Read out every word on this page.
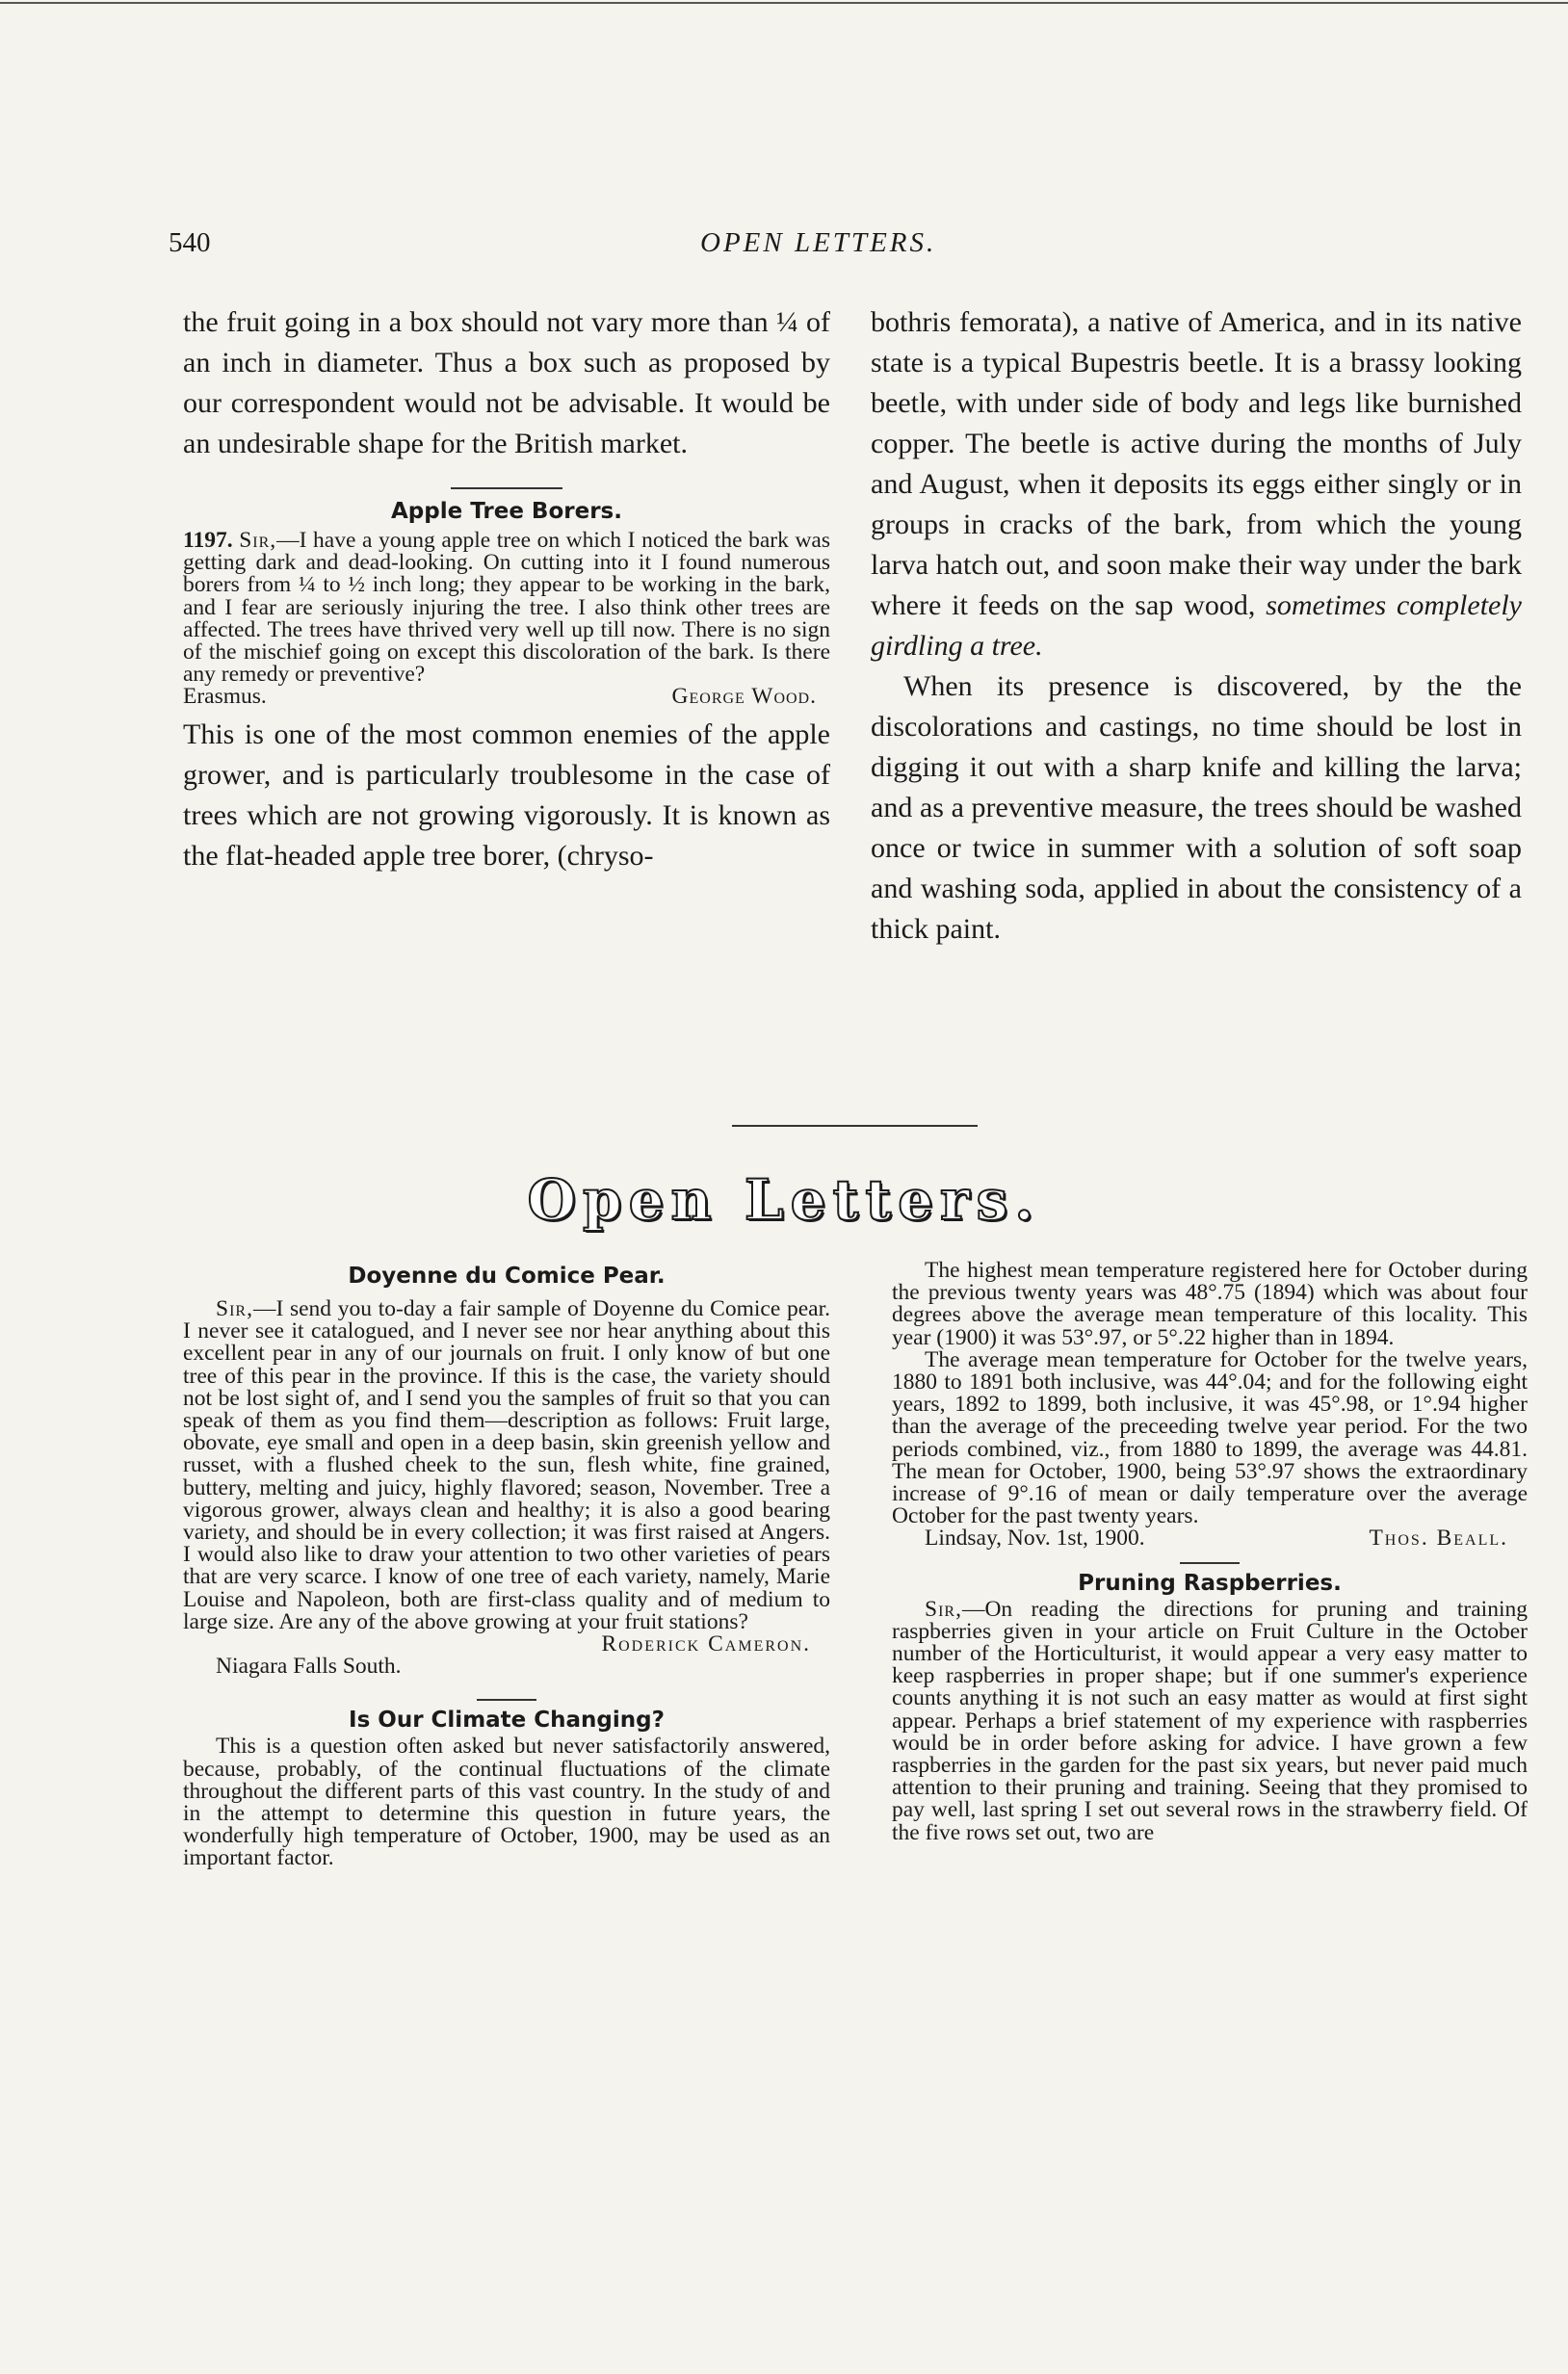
540	OPEN LETTERS.

the fruit going in a box should not vary more than ¼ of an inch in diameter. Thus a box such as proposed by our correspondent would not be advisable. It would be an undesirable shape for the British market.

Apple Tree Borers.

1197. Sir,—I have a young apple tree on which I noticed the bark was getting dark and dead-looking. On cutting into it I found numerous borers from ¼ to ½ inch long; they appear to be working in the bark, and I fear are seriously injuring the tree. I also think other trees are affected. The trees have thrived very well up till now. There is no sign of the mischief going on except this discoloration of the bark. Is there any remedy or preventive?

Erasmus.	George Wood.

This is one of the most common enemies of the apple grower, and is particularly troublesome in the case of trees which are not growing vigorously. It is known as the flat-headed apple tree borer, (chryso-

bothris femorata), a native of America, and in its native state is a typical Bupestris beetle. It is a brassy looking beetle, with under side of body and legs like burnished copper. The beetle is active during the months of July and August, when it deposits its eggs either singly or in groups in cracks of the bark, from which the young larva hatch out, and soon make their way under the bark where it feeds on the sap wood, sometimes completely girdling a tree.

When its presence is discovered, by the the discolorations and castings, no time should be lost in digging it out with a sharp knife and killing the larva; and as a preventive measure, the trees should be washed once or twice in summer with a solution of soft soap and washing soda, applied in about the consistency of a thick paint.

Open Letters.
Doyenne du Comice Pear.

Sir,—I send you to-day a fair sample of Doyenne du Comice pear. I never see it catalogued, and I never see nor hear anything about this excellent pear in any of our journals on fruit. I only know of but one tree of this pear in the province. If this is the case, the variety should not be lost sight of, and I send you the samples of fruit so that you can speak of them as you find them—description as follows: Fruit large, obovate, eye small and open in a deep basin, skin greenish yellow and russet, with a flushed cheek to the sun, flesh white, fine grained, buttery, melting and juicy, highly flavored; season, November. Tree a vigorous grower, always clean and healthy; it is also a good bearing variety, and should be in every collection; it was first raised at Angers. I would also like to draw your attention to two other varieties of pears that are very scarce. I know of one tree of each variety, namely, Marie Louise and Napoleon, both are first-class quality and of medium to large size. Are any of the above growing at your fruit stations?

Roderick Cameron.
Niagara Falls South.
Is Our Climate Changing?

This is a question often asked but never satisfactorily answered, because, probably, of the continual fluctuations of the climate throughout the different parts of this vast country. In the study of and in the attempt to determine this question in future years, the wonderfully high temperature of October, 1900, may be used as an important factor.

The highest mean temperature registered here for October during the previous twenty years was 48°.75 (1894) which was about four degrees above the average mean temperature of this locality. This year (1900) it was 53°.97, or 5°.22 higher than in 1894.

The average mean temperature for October for the twelve years, 1880 to 1891 both inclusive, was 44°.04; and for the following eight years, 1892 to 1899, both inclusive, it was 45°.98, or 1°.94 higher than the average of the preceeding twelve year period. For the two periods combined, viz., from 1880 to 1899, the average was 44.81. The mean for October, 1900, being 53°.97 shows the extraordinary increase of 9°.16 of mean or daily temperature over the average October for the past twenty years.

Lindsay, Nov. 1st, 1900.	Thos. Beall.
Pruning Raspberries.

Sir,—On reading the directions for pruning and training raspberries given in your article on Fruit Culture in the October number of the Horticulturist, it would appear a very easy matter to keep raspberries in proper shape; but if one summer's experience counts anything it is not such an easy matter as would at first sight appear. Perhaps a brief statement of my experience with raspberries would be in order before asking for advice. I have grown a few raspberries in the garden for the past six years, but never paid much attention to their pruning and training. Seeing that they promised to pay well, last spring I set out several rows in the strawberry field. Of the five rows set out, two are
